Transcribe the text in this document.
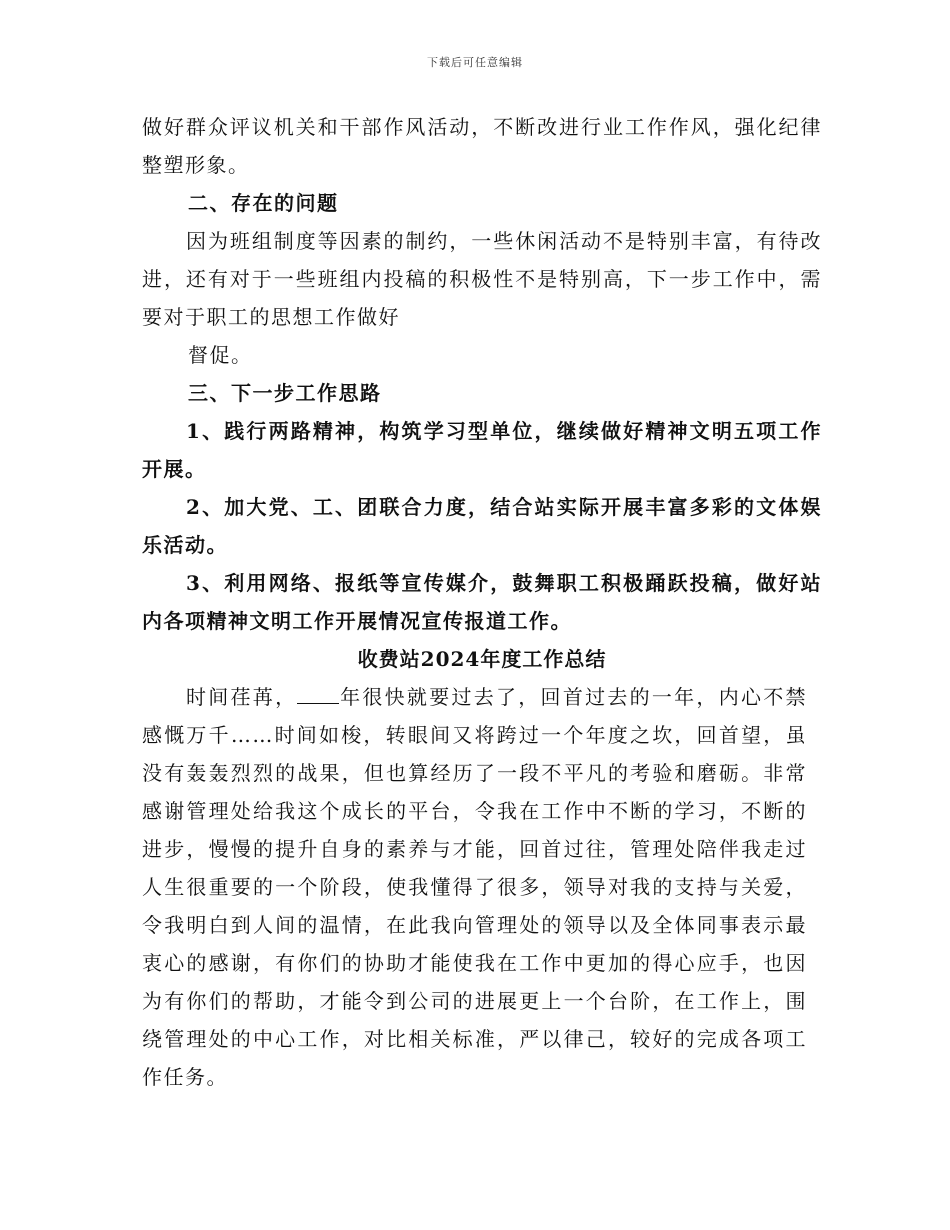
下载后可任意编辑

做好群众评议机关和干部作风活动，不断改进行业工作作风，强化纪律整塑形象。

二、存在的问题

因为班组制度等因素的制约，一些休闲活动不是特别丰富，有待改进，还有对于一些班组内投稿的积极性不是特别高，下一步工作中，需要对于职工的思想工作做好

督促。

三、下一步工作思路

1、践行两路精神，构筑学习型单位，继续做好精神文明五项工作开展。

2、加大党、工、团联合力度，结合站实际开展丰富多彩的文体娱乐活动。

3、利用网络、报纸等宣传媒介，鼓舞职工积极踊跃投稿，做好站内各项精神文明工作开展情况宣传报道工作。

收费站2024年度工作总结

时间荏苒， 年很快就要过去了，回首过去的一年，内心不禁感慨万千……时间如梭，转眼间又将跨过一个年度之坎，回首望，虽没有轰轰烈烈的战果，但也算经历了一段不平凡的考验和磨砺。非常感谢管理处给我这个成长的平台，令我在工作中不断的学习，不断的进步，慢慢的提升自身的素养与才能，回首过往，管理处陪伴我走过人生很重要的一个阶段，使我懂得了很多，领导对我的支持与关爱，令我明白到人间的温情，在此我向管理处的领导以及全体同事表示最衷心的感谢，有你们的协助才能使我在工作中更加的得心应手，也因为有你们的帮助，才能令到公司的进展更上一个台阶，在工作上，围绕管理处的中心工作，对比相关标准，严以律己，较好的完成各项工作任务。
